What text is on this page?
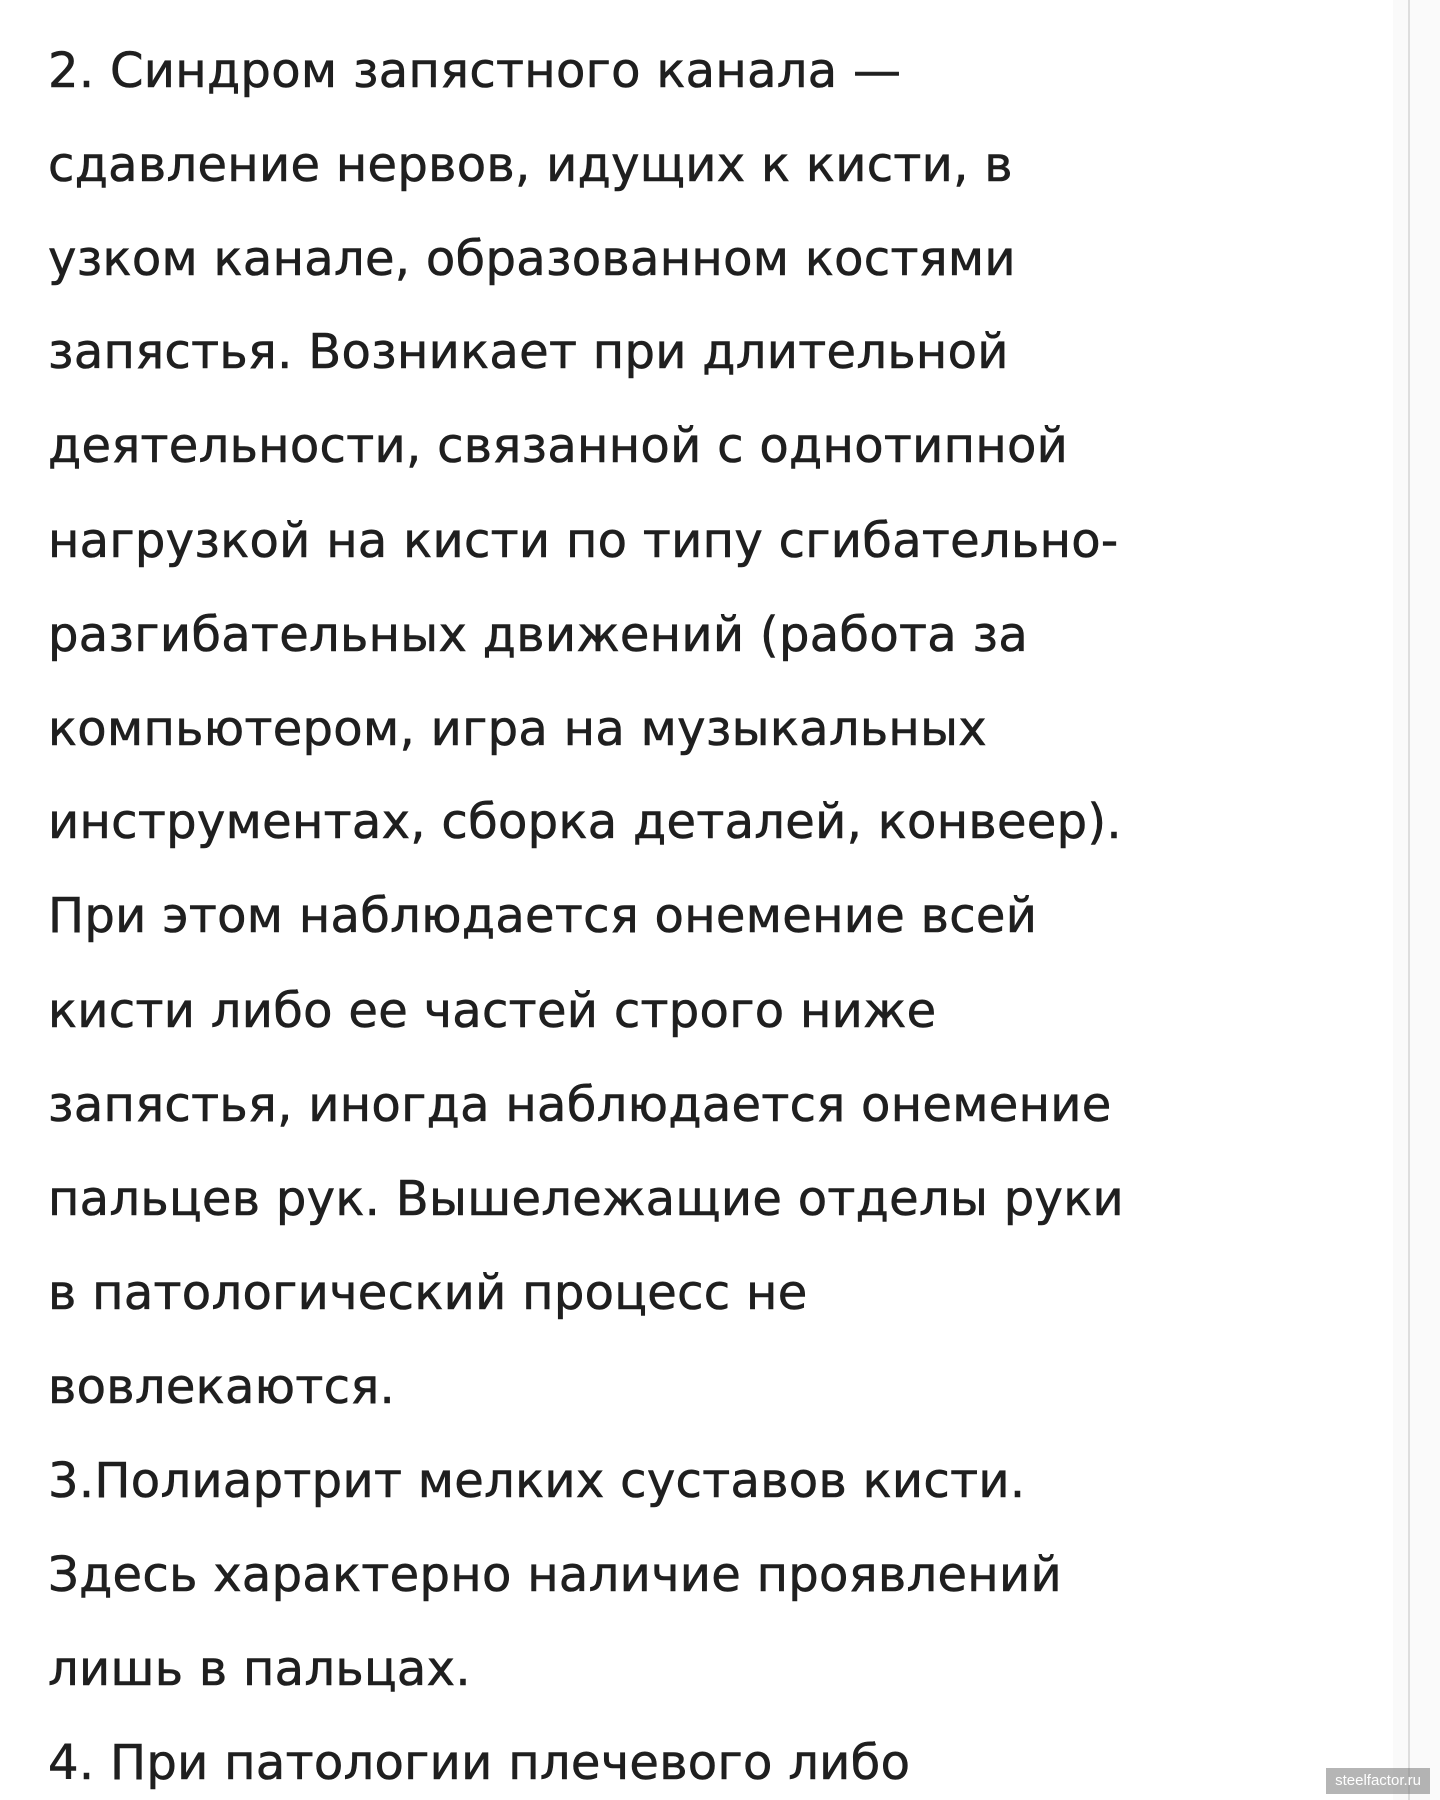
2. Синдром запястного канала —

сдавление нервов, идущих к кисти, в

узком канале, образованном костями

запястья. Возникает при длительной

деятельности, связанной с однотипной

нагрузкой на кисти по типу сгибательно-

разгибательных движений (работа за

компьютером, игра на музыкальных

инструментах, сборка деталей, конвеер).

При этом наблюдается онемение всей

кисти либо ее частей строго ниже

запястья, иногда наблюдается онемение

пальцев рук. Вышележащие отделы руки

в патологический процесс не

вовлекаются.

3.Полиартрит мелких суставов кисти.

Здесь характерно наличие проявлений

лишь в пальцах.

4. При патологии плечевого либо	steelfactor.ru
